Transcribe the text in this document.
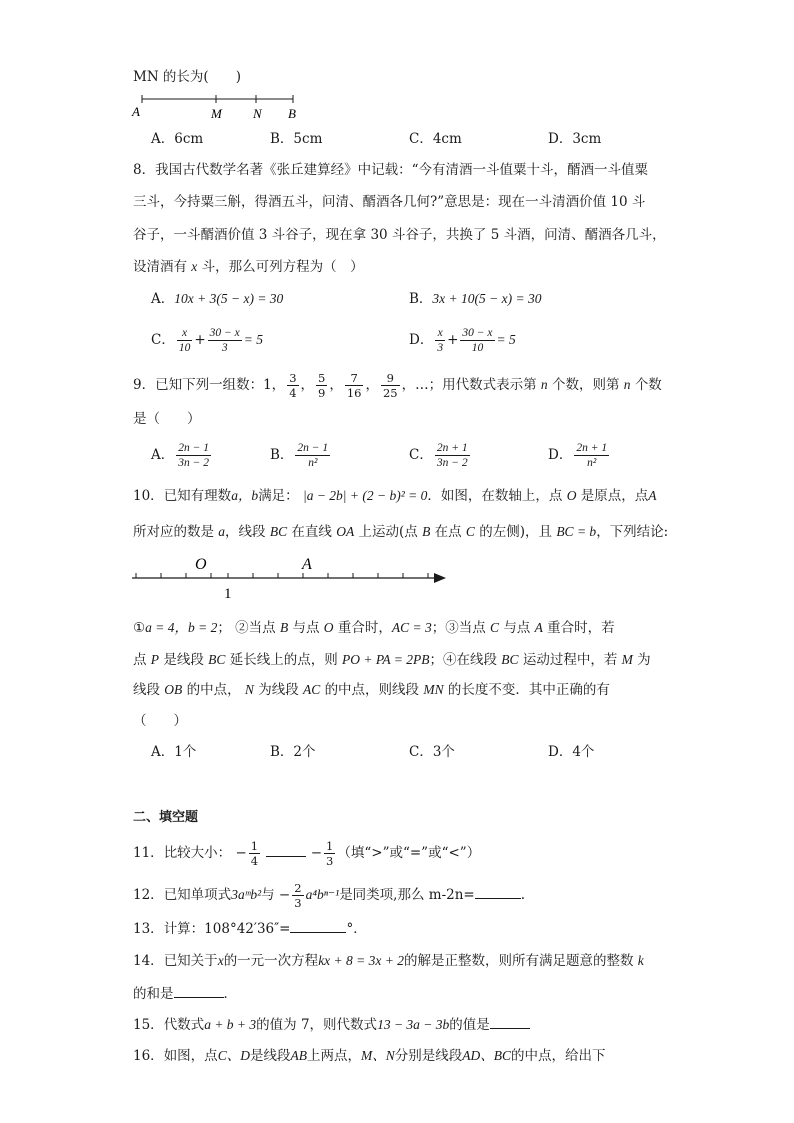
MN 的长为(　　)
A	M N B
A．6cm	B．5cm	C．4cm	D．3cm
8．我国古代数学名著《张丘建算经》中记载：“今有清酒一斗值粟十斗，醑酒一斗值粟
三斗，今持粟三斛，得酒五斗，问清、醑酒各几何?”意思是：现在一斗清酒价值 10 斗
谷子，一斗醑酒价值 3 斗谷子，现在拿 30 斗谷子，共换了 5 斗酒，问清、醑酒各几斗，
设清酒有 x 斗，那么可列方程为（　）
A．10x + 3(5 − x) = 30	B．3x + 10(5 − x) = 30
C． $\frac{x}{10} + \frac{30 - x}{3} = 5$	D． $\frac{x}{3} + \frac{30 - x}{10} = 5$
9．已知下列一组数：1， $\frac{3}{4}$ ， $\frac{5}{9}$ ， $\frac{7}{16}$ ， $\frac{9}{25}$ ，…；用代数式表示第 n 个数，则第 n 个数
是（　　）
A． $\frac{2n - 1}{3n - 2}$	B． $\frac{2n - 1}{\text{n²}}$	C． $\frac{2n + 1}{3n - 2}$	D． $\frac{2n + 1}{\text{n²}}$
10．已知有理数a，b满足： |a − 2b| + (2 − b)² = 0．如图，在数轴上，点 O 是原点，点A
所对应的数是 a，线段 BC 在直线 OA 上运动(点 B 在点 C 的左侧)，且 BC = b，下列结论:
O	A
1
①a = 4，b = 2； ②当点 B 与点 O 重合时，AC = 3；③当点 C 与点 A 重合时，若
点 P 是线段 BC 延长线上的点，则 PO + PA = 2PB；④在线段 BC 运动过程中，若 M 为
线段 OB 的中点， N 为线段 AC 的中点，则线段 MN 的长度不变．其中正确的有
（　　）
A．1个	B．2个	C．3个	D．4个
二、填空题
11．比较大小： − $\frac{1}{4}$	− $\frac{1}{3}$ （填“>”或“=”或“<”）
12．已知单项式3aᵐb²与 − $\frac{2}{3} a^4b^{n-1}$是同类项,那么 m-2n=	.
13．计算：108°42′36″=	°．
14．已知关于x的一元一次方程kx + 8 = 3x + 2的解是正整数，则所有满足题意的整数 k
的和是	．
15．代数式a + b + 3的值为 7，则代数式13 − 3a − 3b的值是
16．如图，点C、D是线段AB上两点，M、N分别是线段AD、BC的中点，给出下
